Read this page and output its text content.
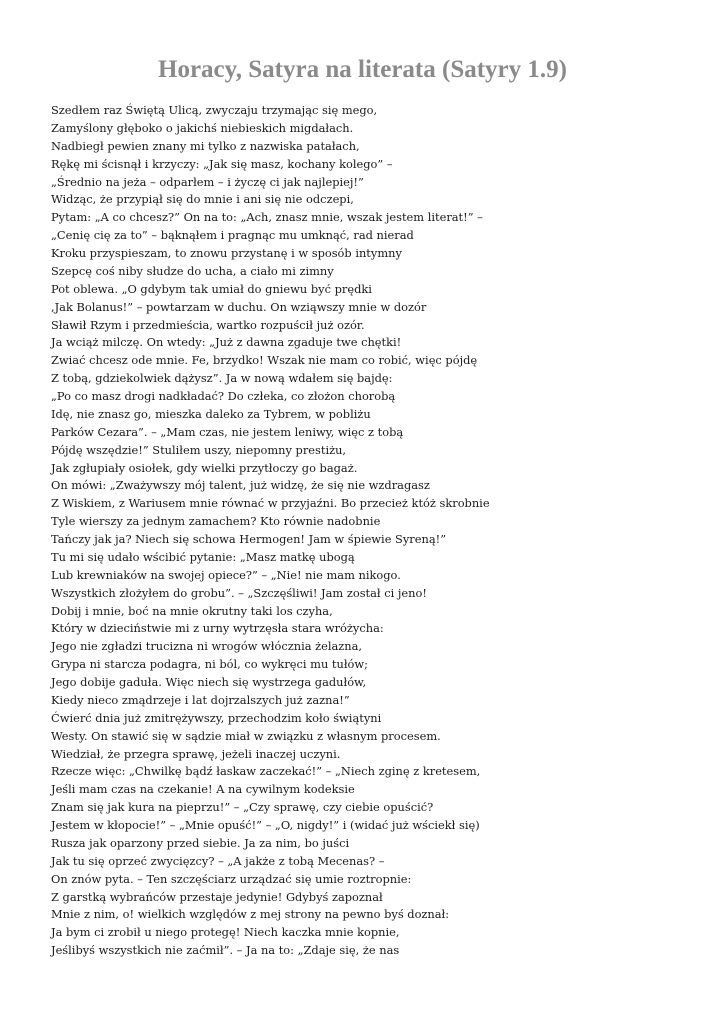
Horacy, Satyra na literata (Satyry 1.9)
Szedłem raz Świętą Ulicą, zwyczaju trzymając się mego,
Zamyślony głęboko o jakichś niebieskich migdałach.
Nadbiegł pewien znany mi tylko z nazwiska patałach,
Rękę mi ścisnął i krzyczy: „Jak się masz, kochany kolego” –
„Średnio na jeża – odparłem – i życzę ci jak najlepiej!”
Widząc, że przypiął się do mnie i ani się nie odczepi,
Pytam: „A co chcesz?” On na to: „Ach, znasz mnie, wszak jestem literat!” –
„Cenię cię za to” – bąknąłem i pragnąc mu umknąć, rad nierad
Kroku przyspieszam, to znowu przystanę i w sposób intymny
Szepcę coś niby słudze do ucha, a ciało mi zimny
Pot oblewa. „O gdybym tak umiał do gniewu być prędki
,Jak Bolanus!” – powtarzam w duchu. On wziąwszy mnie w dozór
Sławił Rzym i przedmieścia, wartko rozpuścił już ozór.
Ja wciąż milczę. On wtedy: „Już z dawna zgaduje twe chętki!
Zwiać chcesz ode mnie. Fe, brzydko! Wszak nie mam co robić, więc pójdę
Z tobą, gdziekolwiek dążysz”. Ja w nową wdałem się bajdę:
„Po co masz drogi nadkładać? Do człeka, co złożon chorobą
Idę, nie znasz go, mieszka daleko za Tybrem, w pobliżu
Parków Cezara”. – „Mam czas, nie jestem leniwy, więc z tobą
Pójdę wszędzie!” Stuliłem uszy, niepomny prestiżu,
Jak zgłupiały osiołek, gdy wielki przytłoczy go bagaż.
On mówi: „Zważywszy mój talent, już widzę, że się nie wzdragasz
Z Wiskiem, z Wariusem mnie równać w przyjaźni. Bo przecież któż skrobnie
Tyle wierszy za jednym zamachem? Kto równie nadobnie
Tańczy jak ja? Niech się schowa Hermogen! Jam w śpiewie Syreną!”
Tu mi się udało wścibić pytanie: „Masz matkę ubogą
Lub krewniaków na swojej opiece?” – „Nie! nie mam nikogo.
Wszystkich złożyłem do grobu”. – „Szczęśliwi! Jam został ci jeno!
Dobij i mnie, boć na mnie okrutny taki los czyha,
Który w dzieciństwie mi z urny wytrzęsła stara wróżycha:
Jego nie zgładzi trucizna ni wrogów włócznia żelazna,
Grypa ni starcza podagra, ni ból, co wykręci mu tułów;
Jego dobije gaduła. Więc niech się wystrzega gadułów,
Kiedy nieco zmądrzeje i lat dojrzalszych już zazna!”
Ćwierć dnia już zmitrężywszy, przechodzim koło świątyni
Westy. On stawić się w sądzie miał w związku z własnym procesem.
Wiedział, że przegra sprawę, jeżeli inaczej uczyni.
Rzecze więc: „Chwilkę bądź łaskaw zaczekać!” – „Niech zginę z kretesem,
Jeśli mam czas na czekanie! A na cywilnym kodeksie
Znam się jak kura na pieprzu!” – „Czy sprawę, czy ciebie opuścić?
Jestem w kłopocie!” – „Mnie opuść!” – „O, nigdy!” i (widać już wściekł się)
Rusza jak oparzony przed siebie. Ja za nim, bo juści
Jak tu się oprzeć zwycięzcy? – „A jakże z tobą Mecenas? –
On znów pyta. – Ten szczęściarz urządzać się umie roztropnie:
Z garstką wybrańców przestaje jedynie! Gdybyś zapoznał
Mnie z nim, o! wielkich względów z mej strony na pewno byś doznał:
Ja bym ci zrobił u niego protegę! Niech kaczka mnie kopnie,
Jeślibyś wszystkich nie zaćmił”. – Ja na to: „Zdaje się, że nas
